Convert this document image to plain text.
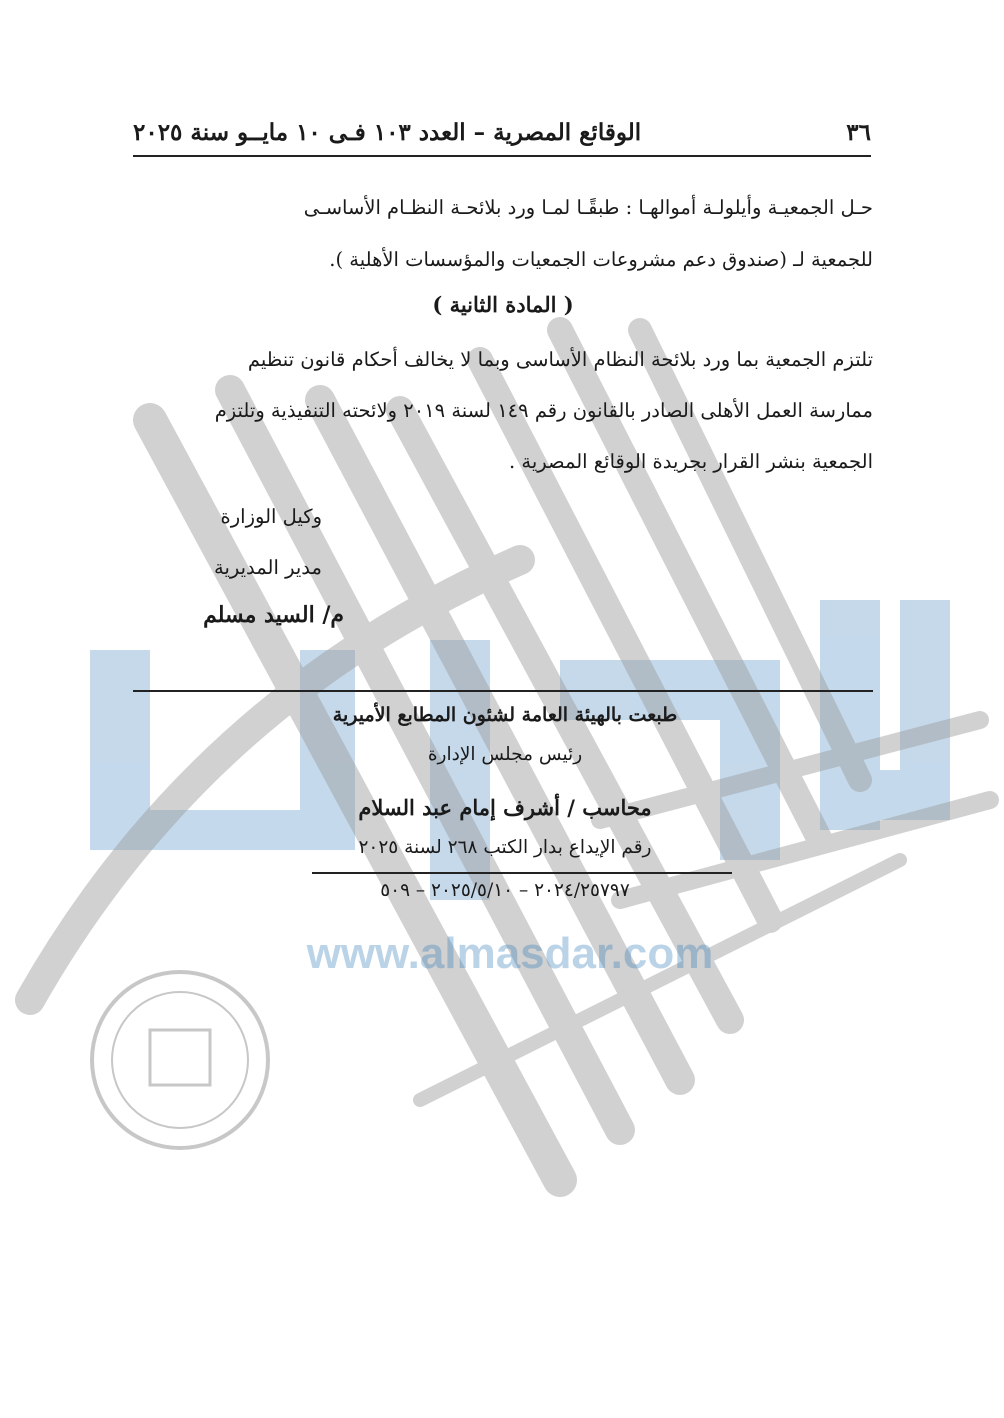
www.almasdar.com
٣٦
الوقائع المصرية – العدد ١٠٣ فـى ١٠ مايــو سنة ٢٠٢٥
حـل الجمعيـة وأيلولـة أموالهـا : طبقًـا لمـا ورد بلائحـة النظـام الأساسـى
للجمعية لـ (صندوق دعم مشروعات الجمعيات والمؤسسات الأهلية ).
( المادة الثانية )
تلتزم الجمعية بما ورد بلائحة النظام الأساسى وبما لا يخالف أحكام قانون تنظيم
ممارسة العمل الأهلى الصادر بالقانون رقم ١٤٩ لسنة ٢٠١٩ ولائحته التنفيذية وتلتزم
الجمعية بنشر القرار بجريدة الوقائع المصرية .
وكيل الوزارة
مدير المديرية
م/ السيد مسلم
طبعت بالهيئة العامة لشئون المطابع الأميرية
رئيس مجلس الإدارة
محاسب / أشرف إمام عبد السلام
رقم الإيداع بدار الكتب ٢٦٨ لسنة ٢٠٢٥
٢٠٢٤/٢٥٧٩٧ – ٢٠٢٥/٥/١٠ – ٥٠٩
